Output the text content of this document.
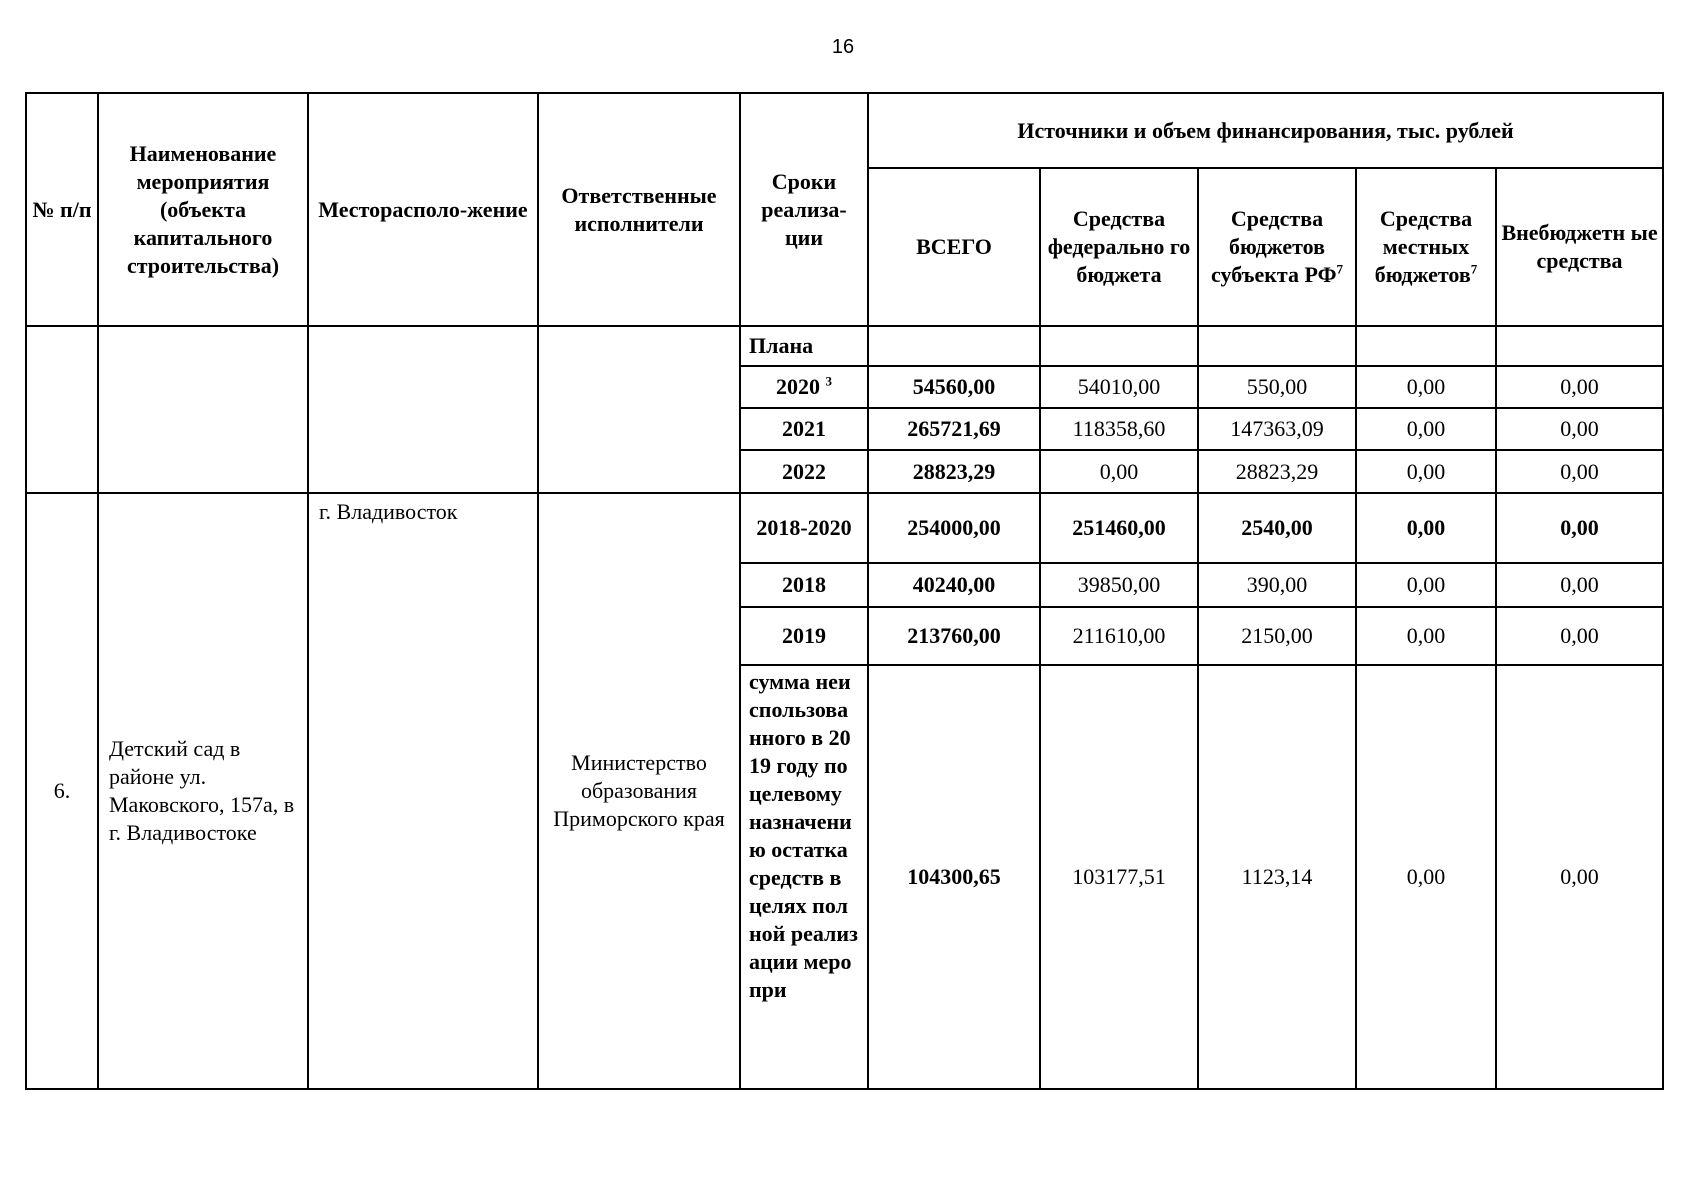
16
№ п/п	Наименование мероприятия (объекта капитального строительства)	Месторасполо-жение	Ответственные исполнители	Сроки реализа-ции	Источники и объем финансирования, тыс. рублей				
					ВСЕГО	Средства федерально го бюджета	Средства бюджетов субъекта $РФ^7$	Средства местных бюджетов$^7$	Внебюджетн ые средства
				Плана					
				2020 $^3$	54560,00	54010,00	550,00	0,00	0,00
				2021	265721,69	118358,60	147363,09	0,00	0,00
				2022	28823,29	0,00	28823,29	0,00	0,00
6.	Детский сад в районе ул. Маковского, 157а, в г. Владивостоке	г. Владивосток	Министерство образования Приморского края	2018-2020	254000,00	251460,00	2540,00	0,00	0,00
				2018	40240,00	39850,00	390,00	0,00	0,00
				2019	213760,00	211610,00	2150,00	0,00	0,00
				сумма неиспользованного в 2019 году по целевому назначению остатка средств в целях полной реализации меропри	104300,65	103177,51	1123,14	0,00	0,00
